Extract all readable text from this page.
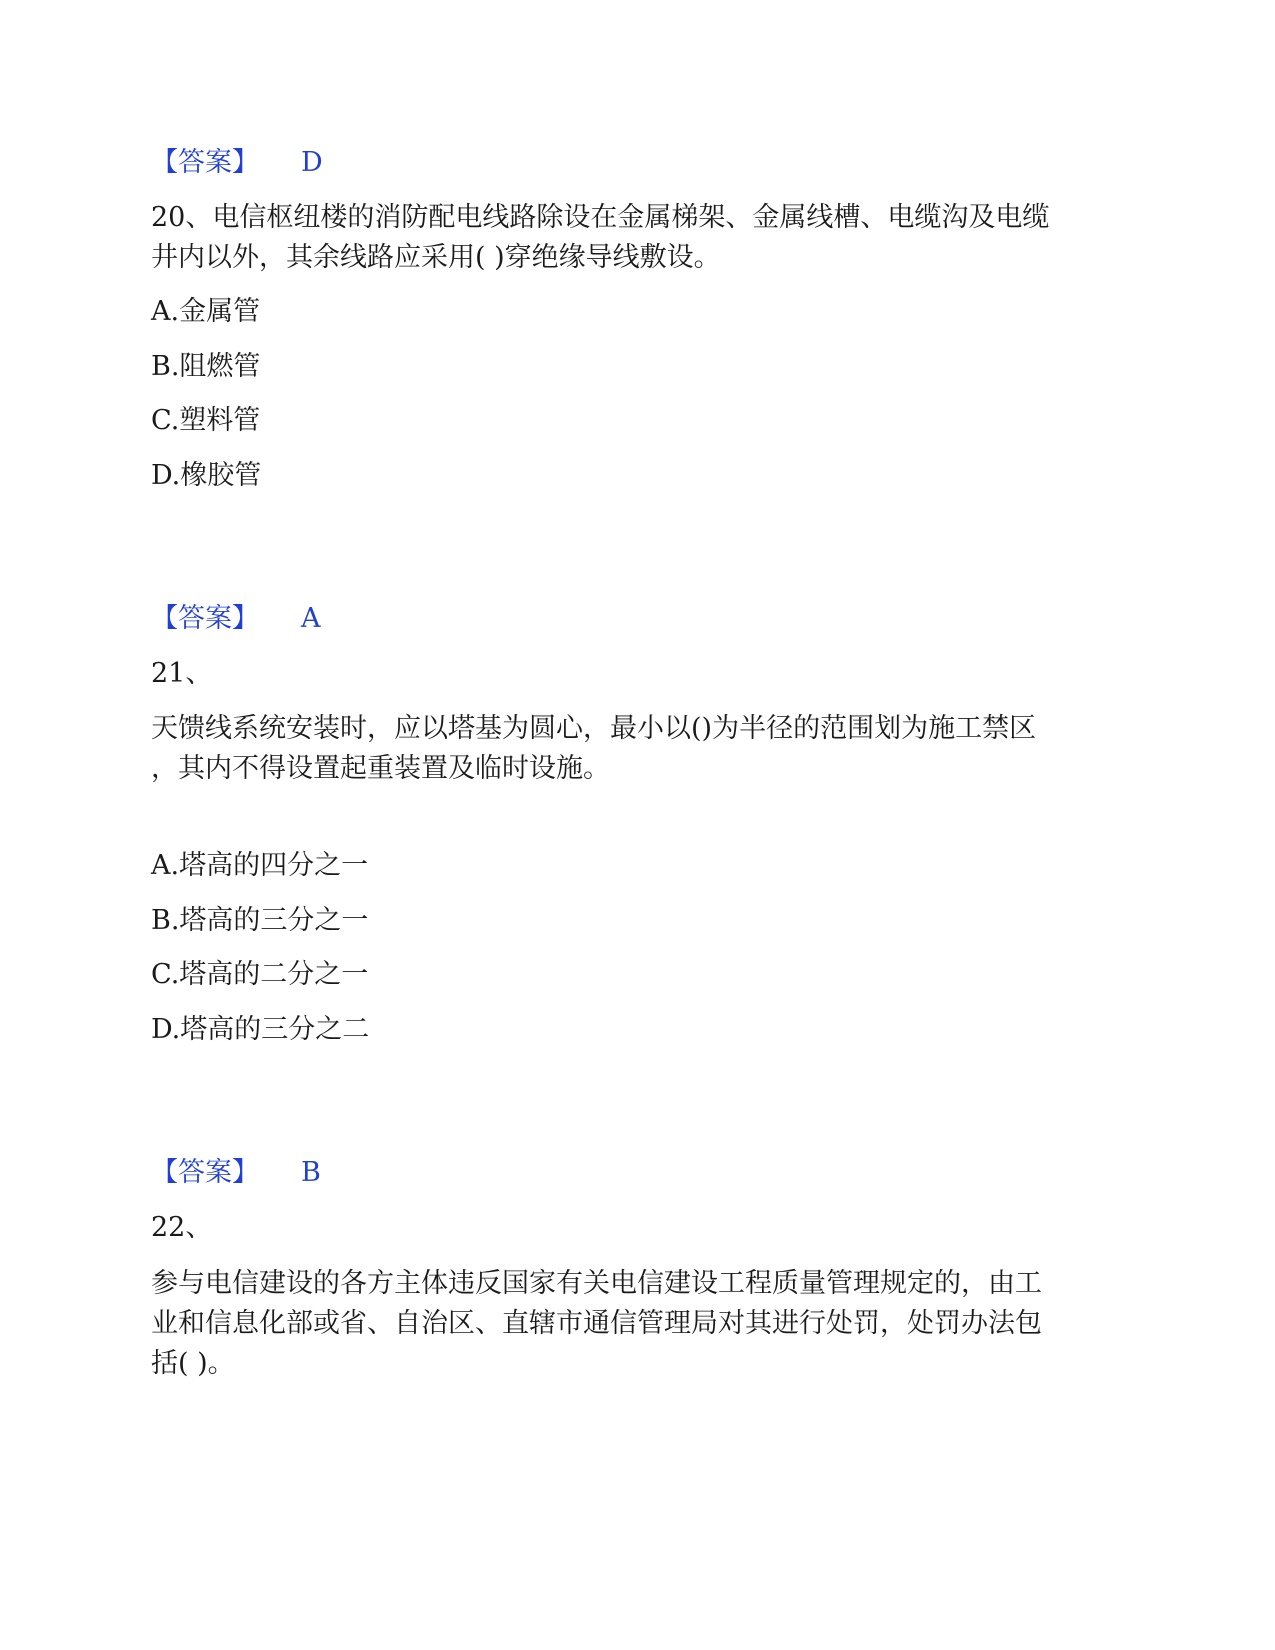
【答案】 D
20、电信枢纽楼的消防配电线路除设在金属梯架、金属线槽、电缆沟及电缆
井内以外，其余线路应采用( )穿绝缘导线敷设。
A.金属管
B.阻燃管
C.塑料管
D.橡胶管
【答案】 A
21、
天馈线系统安装时，应以塔基为圆心，最小以()为半径的范围划为施工禁区
，其内不得设置起重装置及临时设施。
A.塔高的四分之一
B.塔高的三分之一
C.塔高的二分之一
D.塔高的三分之二
【答案】 B
22、
参与电信建设的各方主体违反国家有关电信建设工程质量管理规定的，由工
业和信息化部或省、自治区、直辖市通信管理局对其进行处罚，处罚办法包
括( )。
